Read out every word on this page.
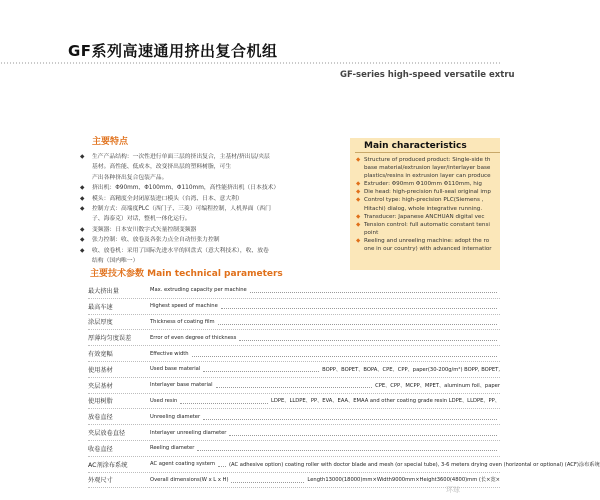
GF系列高速通用挤出复合机组
GF-series high-speed versatile extru
主要特点
◆	生产产品结构：一次性进行单面三层的挤出复合，主基材/挤出层/夹层
基材。高性能、低成本，改变挤出层的塑料树脂，可生
产出各种挤出复合包装产品。
◆	挤出机：Φ90mm、Φ100mm、Φ110mm，高性能挤出机（日本技术）
◆	模头：高精度全封闭原装进口模头（台湾、日本、意大利）
◆	控制方式：高端度PLC（西门子、三菱）可编程控制，人机界面（西门
子、海泰克）对话，整机一体化运行。
◆	变频器：日本安川数字式矢量控制变频器
◆	张力控制：收、放卷及各张力点全自动恒张力控制
◆	收、放卷机：采用了国际先进水平的回盘式（意大利技术），收、放卷
结构（国内唯一）
Main characteristics
◆ Structure of produced product: Single-side th
base material/extrusion layer/interlayer base
plastics/resins in extrusion layer can produce
◆ Extruder: Φ90mm Φ100mm Φ110mm, hig
◆ Die head: high-precision full-seal original imp
◆ Control type: high-precision PLC(Siemens ,
Hitachi) dialog, whole integrative running.
◆ Transducer: Japanese ANCHUAN digital vec
◆ Tension control: full automatic constant tensi
point
◆ Reeling and unreeling machine: adopt the ro
one in our country) with advanced internatior
主要技术参数 Main technical parameters
最大挤出量	Max. extruding capacity per machine
最高车速	Highest speed of machine
涂层厚度	Thickness of coating film
厚薄均匀度误差	Error of even degree of thickness
有效宽幅	Effective width
使用基材	Used base material	BOPP、BOPET、BOPA、CPE、CPP、paper(30-200g/m²) BOPP, BOPET,
夹层基材	Interlayer base material	CPE、CPP、MCPP、MPET、aluminum foil、paper
使用树脂	Used resin	LDPE、LLDPE、PP、EVA、EAA、EMAA and other coating grade resin LDPE、LLDPE、PP、
放卷直径	Unreeling diameter
夹层放卷直径	Interlayer unreeling diameter
收卷直径	Reeling diameter
AC剂涂布系统	AC agent coating system	(AC adhesive option) coating roller with doctor blade and mesh (or special tube), 3-6 meters drying oven (horizontal or optional) (ACF)涂布系统
外观尺寸	Overall dimensions(W x L x H)	Length13000(18000)mm×Width9000mm×Height3600(4800)mm (长×宽×
环球
